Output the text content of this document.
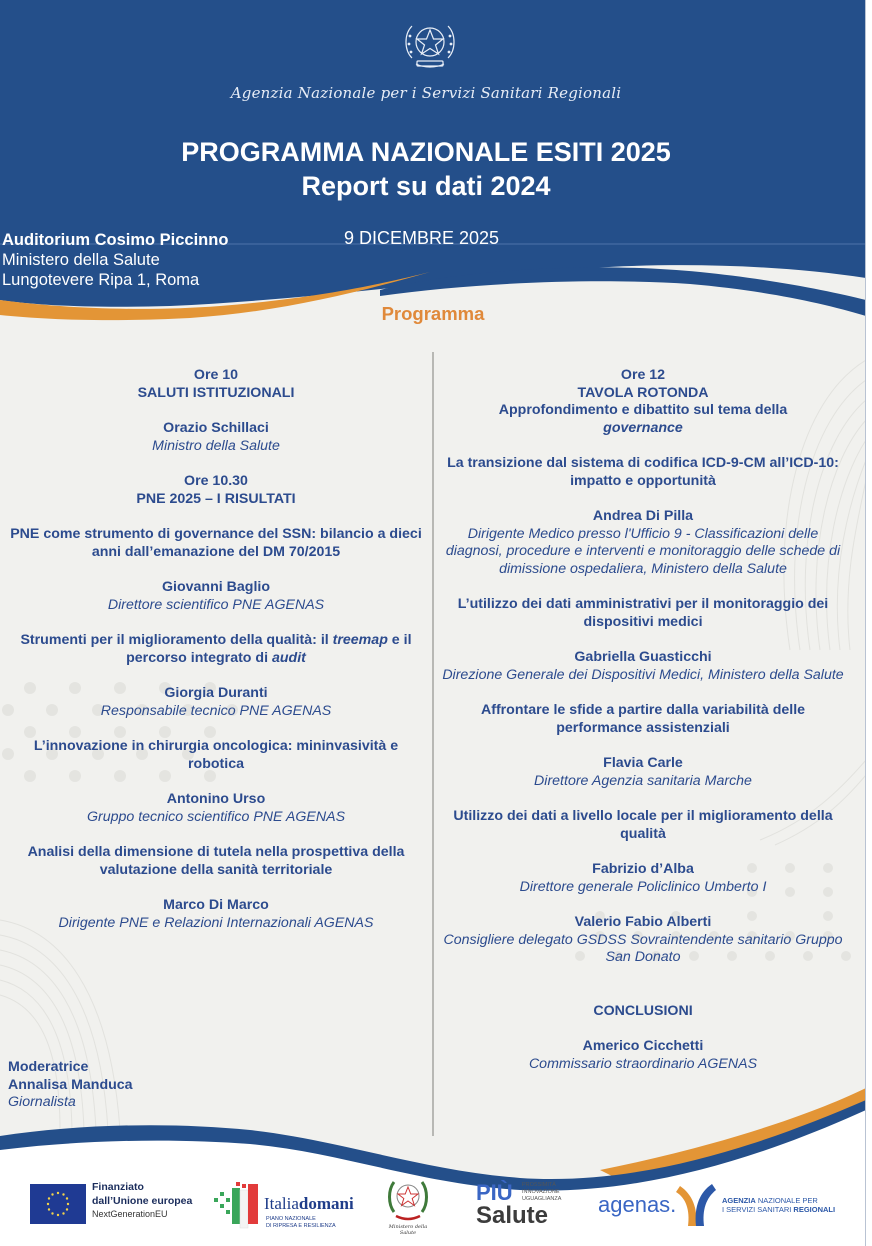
Agenzia Nazionale per i Servizi Sanitari Regionali
PROGRAMMA NAZIONALE ESITI 2025
Report su dati 2024
Auditorium Cosimo Piccinno
Ministero della Salute
Lungotevere Ripa 1, Roma
9 DICEMBRE 2025
Programma
Ore 10
SALUTI ISTITUZIONALI
Orazio Schillaci
Ministro della Salute
Ore 10.30
PNE 2025 – I RISULTATI
PNE come strumento di governance del SSN: bilancio a dieci anni dall’emanazione del DM 70/2015
Giovanni Baglio
Direttore scientifico PNE AGENAS
Strumenti per il miglioramento della qualità: il treemap e il percorso integrato di audit
Giorgia Duranti
Responsabile tecnico PNE AGENAS
L’innovazione in chirurgia oncologica: mininvasività e robotica
Antonino Urso
Gruppo tecnico scientifico PNE AGENAS
Analisi della dimensione di tutela nella prospettiva della valutazione della sanità territoriale
Marco Di Marco
Dirigente PNE e Relazioni Internazionali AGENAS
Ore 12
TAVOLA ROTONDA
Approfondimento e dibattito sul tema della
governance
La transizione dal sistema di codifica ICD-9-CM all’ICD-10: impatto e opportunità
Andrea Di Pilla
Dirigente Medico presso l'Ufficio 9 - Classificazioni delle diagnosi, procedure e interventi e monitoraggio delle schede di dimissione ospedaliera, Ministero della Salute
L’utilizzo dei dati amministrativi per il monitoraggio dei dispositivi medici
Gabriella Guasticchi
Direzione Generale dei Dispositivi Medici, Ministero della Salute
Affrontare le sfide a partire dalla variabilità delle performance assistenziali
Flavia Carle
Direttore Agenzia sanitaria Marche
Utilizzo dei dati a livello locale per il miglioramento della qualità
Fabrizio d’Alba
Direttore generale Policlinico Umberto I
Valerio Fabio Alberti
Consigliere delegato GSDSS Sovraintendente sanitario Gruppo San Donato
CONCLUSIONI
Americo Cicchetti
Commissario straordinario AGENAS
Moderatrice
Annalisa Manduca
Giornalista
Finanziato
dall’Unione europea
NextGenerationEU
Italiadomani
PIANO NAZIONALE
DI RIPRESA E RESILIENZA	Ministero della Salute
PIÙ PROSSIMITÀ
INNOVAZIONE
UGUAGLIANZA
Salute agenas.	AGENZIA NAZIONALE PER
I SERVIZI SANITARI REGIONALI
